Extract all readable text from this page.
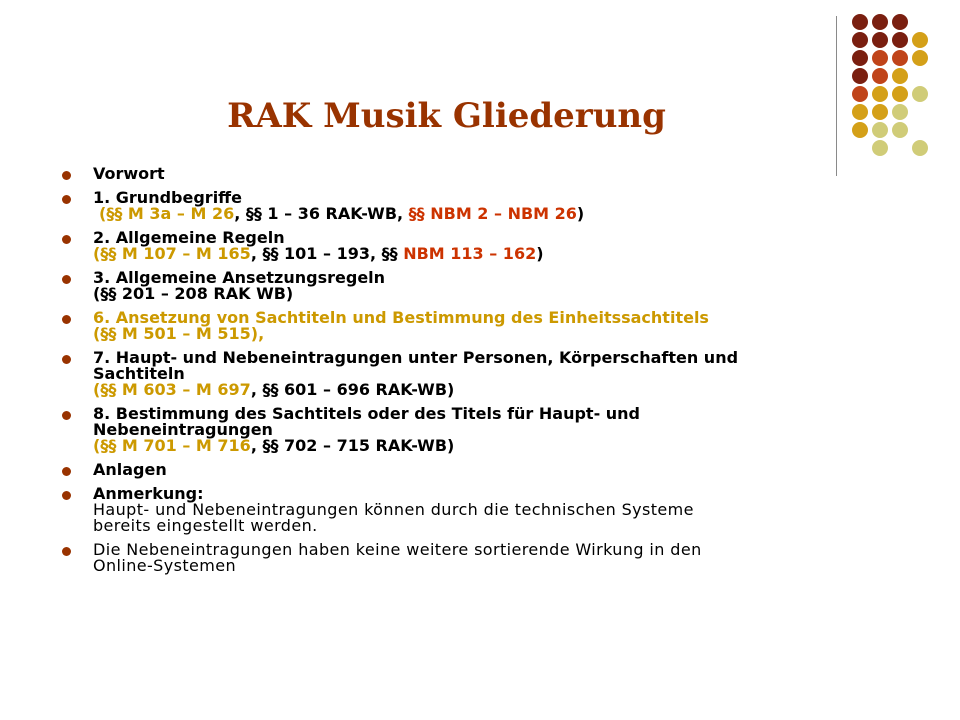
RAK Musik Gliederung
Vorwort
1. Grundbegriffe
(§§ M 3a – M 26, §§ 1 – 36 RAK-WB, §§ NBM 2 – NBM 26)
2. Allgemeine Regeln
(§§ M 107 – M 165, §§ 101 – 193, §§ NBM 113 – 162)
3. Allgemeine Ansetzungsregeln
(§§ 201 – 208 RAK WB)
6. Ansetzung von Sachtiteln und Bestimmung des Einheitssachtitels
(§§ M 501 – M 515),
7. Haupt- und Nebeneintragungen unter Personen, Körperschaften und
Sachtiteln
(§§ M 603 – M 697, §§ 601 – 696 RAK-WB)
8. Bestimmung des Sachtitels oder des Titels für Haupt- und
Nebeneintragungen
(§§ M 701 – M 716, §§ 702 – 715 RAK-WB)
Anlagen
Anmerkung:
Haupt- und Nebeneintragungen können durch die technischen Systeme
bereits eingestellt werden.
Die Nebeneintragungen haben keine weitere sortierende Wirkung in den
Online-Systemen
